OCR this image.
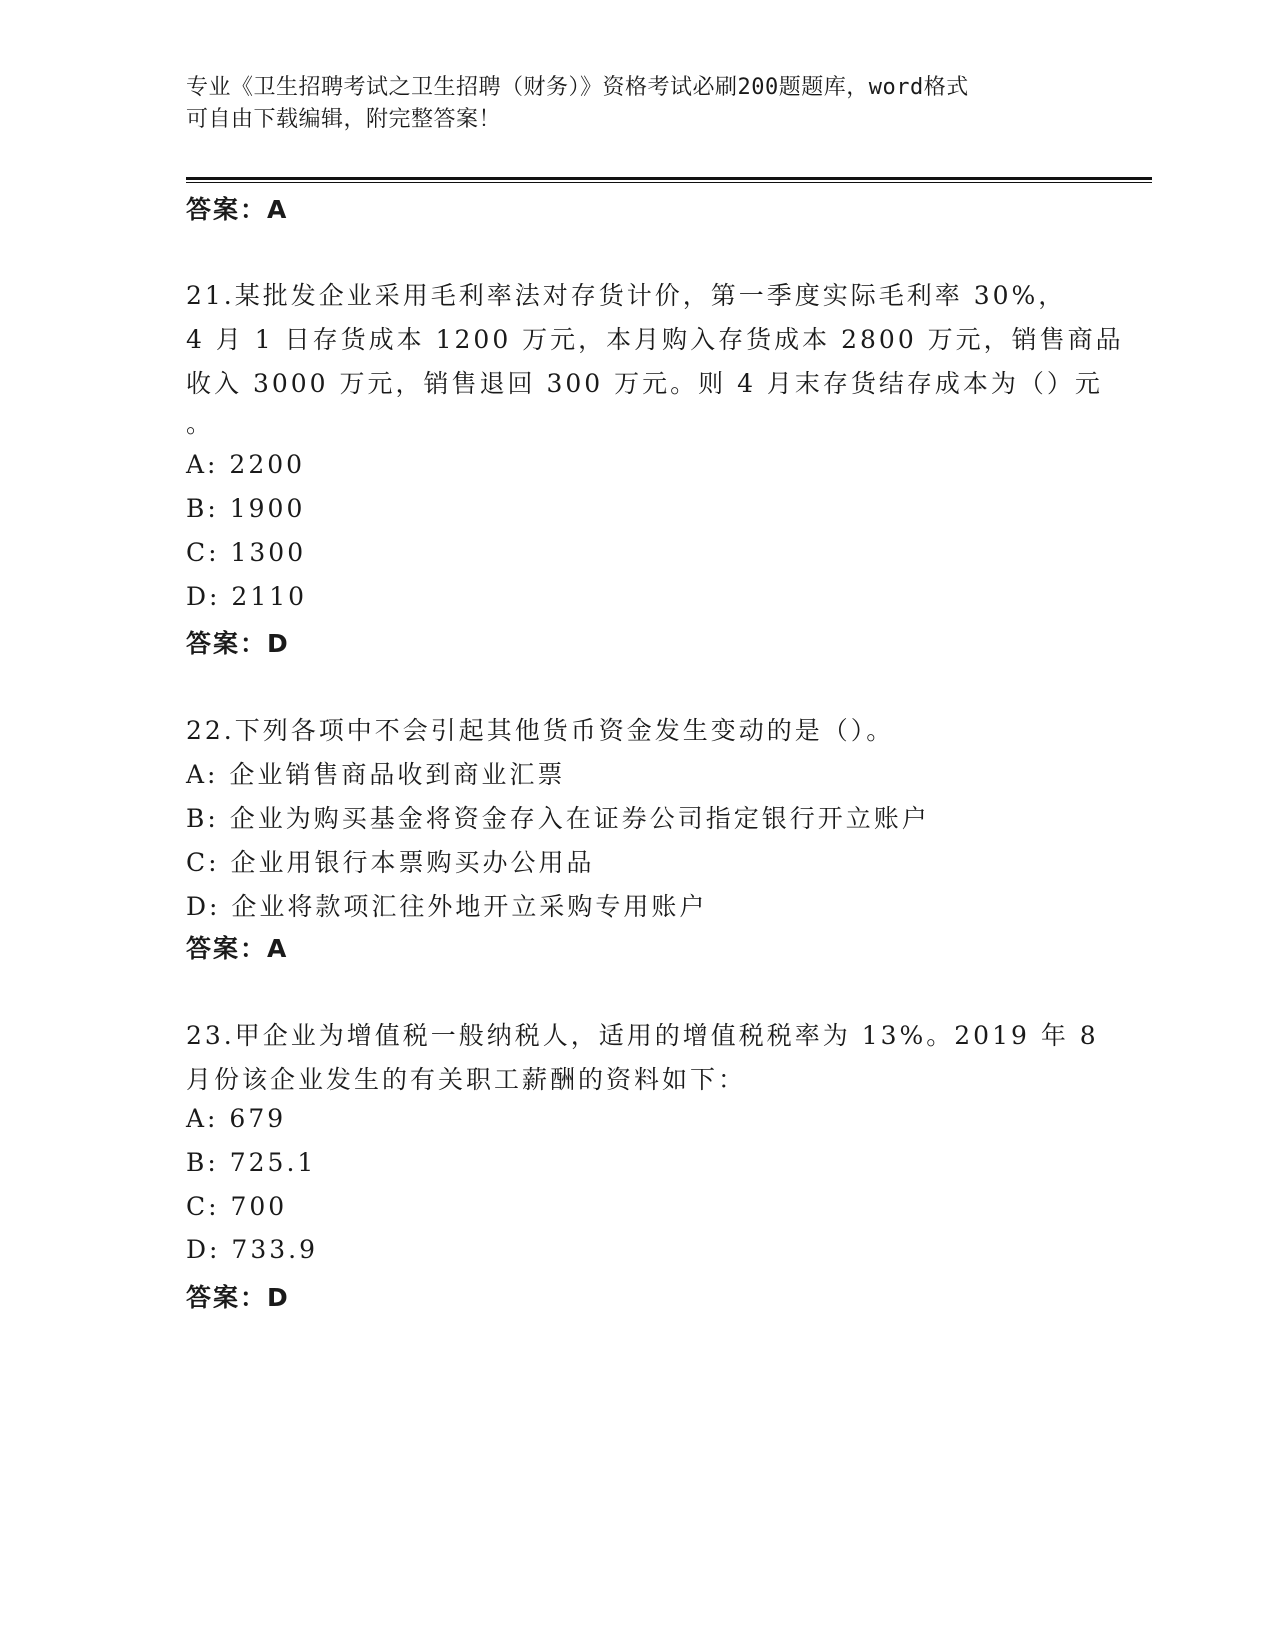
专业《卫生招聘考试之卫生招聘（财务）》资格考试必刷200题题库，word格式
可自由下载编辑，附完整答案！
答案：A
21.某批发企业采用毛利率法对存货计价，第一季度实际毛利率 30%，
4 月 1 日存货成本 1200 万元，本月购入存货成本 2800 万元，销售商品
收入 3000 万元，销售退回 300 万元。则 4 月末存货结存成本为（）元
。
A: 2200
B: 1900
C: 1300
D: 2110
答案：D
22.下列各项中不会引起其他货币资金发生变动的是（）。
A: 企业销售商品收到商业汇票
B: 企业为购买基金将资金存入在证券公司指定银行开立账户
C: 企业用银行本票购买办公用品
D: 企业将款项汇往外地开立采购专用账户
答案：A
23.甲企业为增值税一般纳税人，适用的增值税税率为 13%。2019 年 8
月份该企业发生的有关职工薪酬的资料如下：
A: 679
B: 725.1
C: 700
D: 733.9
答案：D
